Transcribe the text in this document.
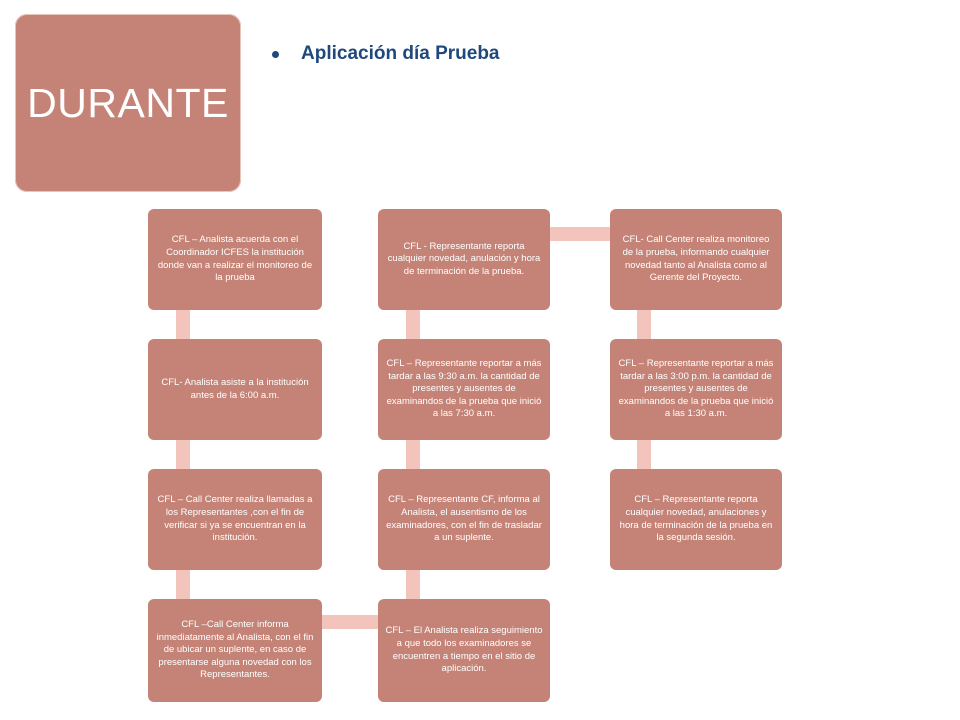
DURANTE
Aplicación día Prueba
CFL – Analista acuerda con el Coordinador ICFES la institución donde van a realizar el monitoreo de la prueba
CFL- Analista asiste a la institución antes de la 6:00 a.m.
CFL – Call Center realiza llamadas a los Representantes ,con el fin de verificar si ya se encuentran en la institución.
CFL –Call Center informa inmediatamente al Analista, con el fin de ubicar un suplente, en caso de presentarse alguna novedad con los Representantes.
CFL - Representante reporta cualquier novedad, anulación y hora de terminación de la prueba.
CFL – Representante reportar a más tardar a las 9:30 a.m. la cantidad de presentes y ausentes de examinandos de la prueba que inició a las 7:30 a.m.
CFL – Representante CF, informa al Analista, el ausentismo de los examinadores, con el fin de trasladar a un suplente.
CFL – El Analista realiza seguimiento a que todo los examinadores se encuentren a tiempo en el sitio de aplicación.
CFL- Call Center realiza monitoreo de la prueba, informando cualquier novedad tanto al Analista como al Gerente del Proyecto.
CFL – Representante reportar a más tardar a las 3:00 p.m. la cantidad de presentes y ausentes de examinandos de la prueba que inició a las 1:30 a.m.
CFL – Representante reporta cualquier novedad, anulaciones y hora de terminación de la prueba en la segunda sesión.
